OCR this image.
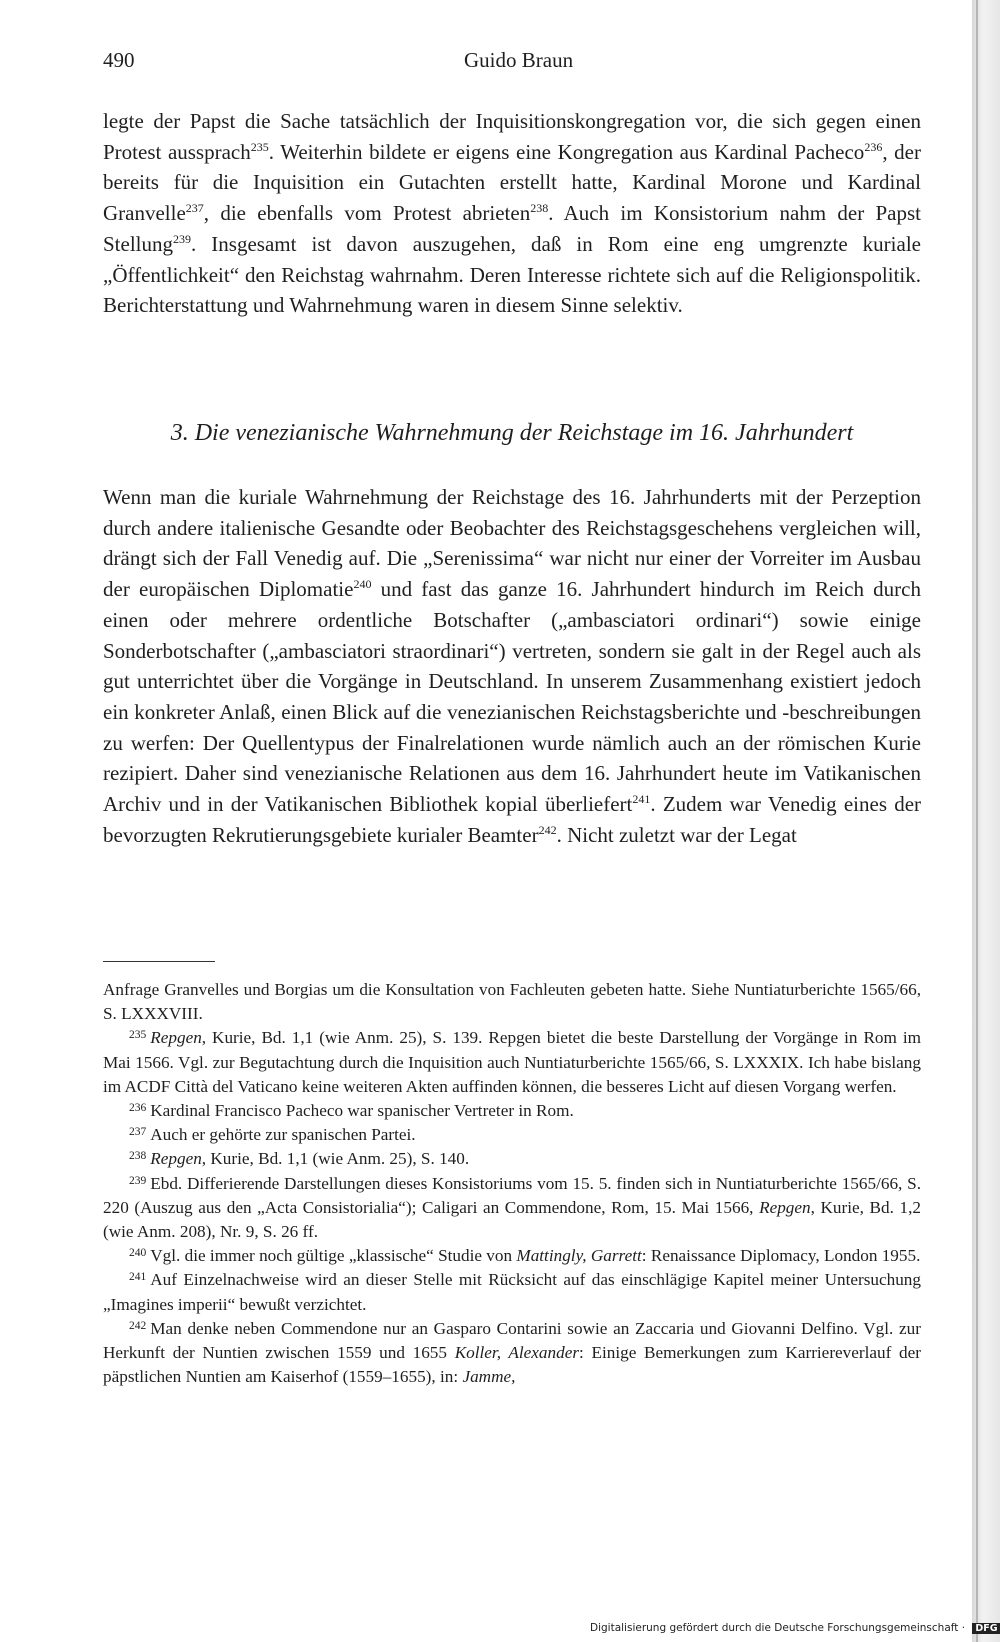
490	Guido Braun

legte der Papst die Sache tatsächlich der Inquisitionskongregation vor, die sich gegen einen Protest aussprach$^{235}$. Weiterhin bildete er eigens eine Kongregation aus Kardinal Pacheco$^{236}$, der bereits für die Inquisition ein Gutachten erstellt hatte, Kardinal Morone und Kardinal Granvelle$^{237}$, die ebenfalls vom Protest abrieten$^{238}$. Auch im Konsistorium nahm der Papst Stellung$^{239}$. Insgesamt ist davon auszugehen, daß in Rom eine eng umgrenzte kuriale „Öffentlichkeit“ den Reichstag wahrnahm. Deren Interesse richtete sich auf die Religionspolitik. Berichterstattung und Wahrnehmung waren in diesem Sinne selektiv.

3. Die venezianische Wahrnehmung der Reichstage im 16. Jahrhundert

Wenn man die kuriale Wahrnehmung der Reichstage des 16. Jahrhunderts mit der Perzeption durch andere italienische Gesandte oder Beobachter des Reichstagsgeschehens vergleichen will, drängt sich der Fall Venedig auf. Die „Serenissima“ war nicht nur einer der Vorreiter im Ausbau der europäischen Diplomatie$^{240}$ und fast das ganze 16. Jahrhundert hindurch im Reich durch einen oder mehrere ordentliche Botschafter („ambasciatori ordinari“) sowie einige Sonderbotschafter („ambasciatori straordinari“) vertreten, sondern sie galt in der Regel auch als gut unterrichtet über die Vorgänge in Deutschland. In unserem Zusammenhang existiert jedoch ein konkreter Anlaß, einen Blick auf die venezianischen Reichstagsberichte und -beschreibungen zu werfen: Der Quellentypus der Finalrelationen wurde nämlich auch an der römischen Kurie rezipiert. Daher sind venezianische Relationen aus dem 16. Jahrhundert heute im Vatikanischen Archiv und in der Vatikanischen Bibliothek kopial überliefert$^{241}$. Zudem war Venedig eines der bevorzugten Rekrutierungsgebiete kurialer Beamter$^{242}$. Nicht zuletzt war der Legat

Anfrage Granvelles und Borgias um die Konsultation von Fachleuten gebeten hatte. Siehe Nuntiaturberichte 1565/66, S. LXXXVIII.

$^{235}$ Repgen, Kurie, Bd. 1,1 (wie Anm. 25), S. 139. Repgen bietet die beste Darstellung der Vorgänge in Rom im Mai 1566. Vgl. zur Begutachtung durch die Inquisition auch Nuntiaturberichte 1565/66, S. LXXXIX. Ich habe bislang im ACDF Città del Vaticano keine weiteren Akten auffinden können, die besseres Licht auf diesen Vorgang werfen.

$^{236}$ Kardinal Francisco Pacheco war spanischer Vertreter in Rom.

$^{237}$ Auch er gehörte zur spanischen Partei.

$^{238}$ Repgen, Kurie, Bd. 1,1 (wie Anm. 25), S. 140.

$^{239}$ Ebd. Differierende Darstellungen dieses Konsistoriums vom 15. 5. finden sich in Nuntiaturberichte 1565/66, S. 220 (Auszug aus den „Acta Consistorialia“); Caligari an Commendone, Rom, 15. Mai 1566, Repgen, Kurie, Bd. 1,2 (wie Anm. 208), Nr. 9, S. 26 ff.

$^{240}$ Vgl. die immer noch gültige „klassische“ Studie von Mattingly, Garrett: Renaissance Diplomacy, London 1955.

$^{241}$ Auf Einzelnachweise wird an dieser Stelle mit Rücksicht auf das einschlägige Kapitel meiner Untersuchung „Imagines imperii“ bewußt verzichtet.

$^{242}$ Man denke neben Commendone nur an Gasparo Contarini sowie an Zaccaria und Giovanni Delfino. Vgl. zur Herkunft der Nuntien zwischen 1559 und 1655 Koller, Alexander: Einige Bemerkungen zum Karriereverlauf der päpstlichen Nuntien am Kaiserhof (1559–1655), in: Jamme,

Digitalisierung gefördert durch die Deutsche Forschungsgemeinschaft · DFG
